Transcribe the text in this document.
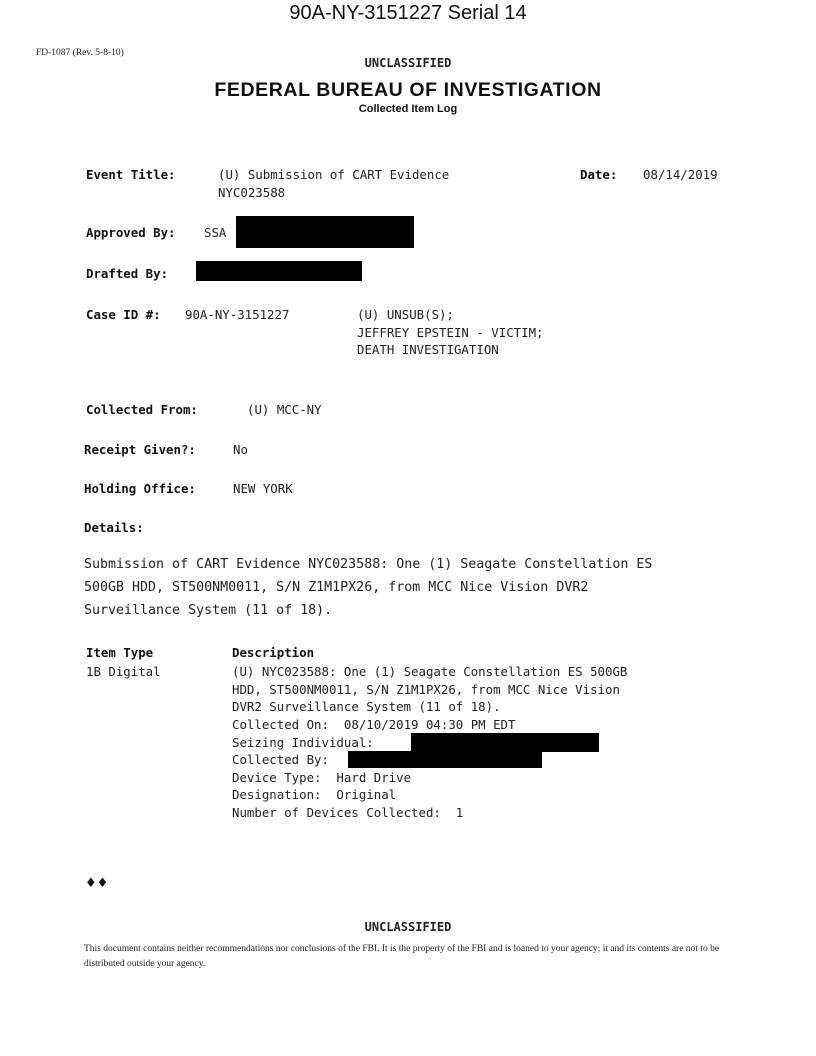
90A-NY-3151227 Serial 14
FD-1087 (Rev. 5-8-10)
UNCLASSIFIED
FEDERAL BUREAU OF INVESTIGATION
Collected Item Log
Event Title:	(U) Submission of CART Evidence
NYC023588
Date: 08/14/2019
Approved By: SSA
Drafted By:
Case ID #: 90A-NY-3151227	(U) UNSUB(S);
JEFFREY EPSTEIN - VICTIM;
DEATH INVESTIGATION
Collected From:	(U) MCC-NY
Receipt Given?:	No
Holding Office:	NEW YORK
Details:
Submission of CART Evidence NYC023588: One (1) Seagate Constellation ES
500GB HDD, ST500NM0011, S/N Z1M1PX26, from MCC Nice Vision DVR2
Surveillance System (11 of 18).
Item Type	Description
1B Digital	(U) NYC023588: One (1) Seagate Constellation ES 500GB
HDD, ST500NM0011, S/N Z1M1PX26, from MCC Nice Vision
DVR2 Surveillance System (11 of 18).
Collected On:  08/10/2019 04:30 PM EDT
Seizing Individual:
Collected By:
Device Type:  Hard Drive
Designation:  Original
Number of Devices Collected:  1
♦♦
UNCLASSIFIED
This document contains neither recommendations nor conclusions of the FBI. It is the property of the FBI and is loaned to your agency; it and its contents are not to be distributed outside your agency.
